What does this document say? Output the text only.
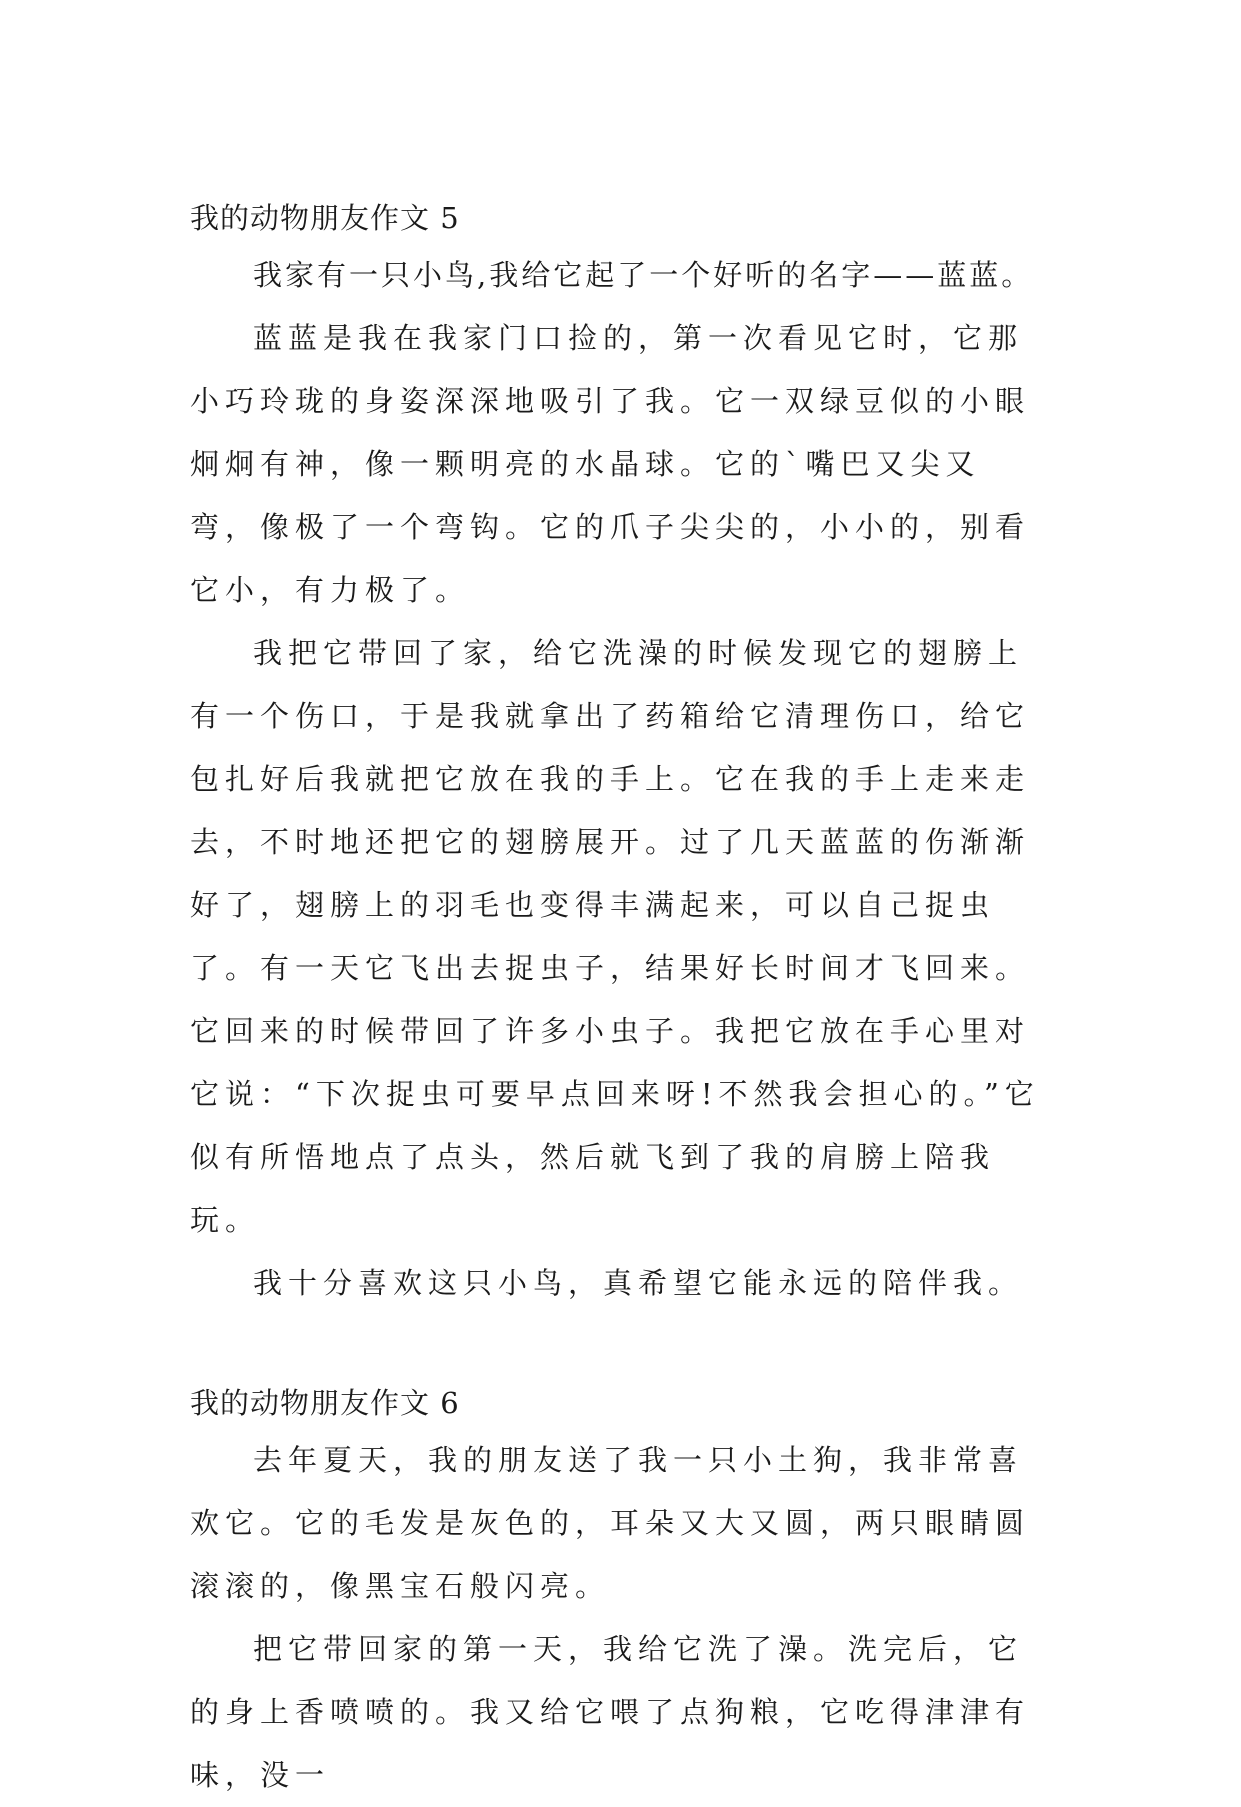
我的动物朋友作文 5

我家有一只小鸟,我给它起了一个好听的名字——蓝蓝。

蓝蓝是我在我家门口捡的，第一次看见它时，它那小巧玲珑的身姿深深地吸引了我。它一双绿豆似的小眼炯炯有神，像一颗明亮的水晶球。它的`嘴巴又尖又弯，像极了一个弯钩。它的爪子尖尖的，小小的，别看它小，有力极了。

我把它带回了家，给它洗澡的时候发现它的翅膀上有一个伤口，于是我就拿出了药箱给它清理伤口，给它包扎好后我就把它放在我的手上。它在我的手上走来走去，不时地还把它的翅膀展开。过了几天蓝蓝的伤渐渐好了，翅膀上的羽毛也变得丰满起来，可以自己捉虫了。有一天它飞出去捉虫子，结果好长时间才飞回来。它回来的时候带回了许多小虫子。我把它放在手心里对它说：“下次捉虫可要早点回来呀!不然我会担心的。”它似有所悟地点了点头，然后就飞到了我的肩膀上陪我玩。

我十分喜欢这只小鸟，真希望它能永远的陪伴我。

我的动物朋友作文 6

去年夏天，我的朋友送了我一只小土狗，我非常喜欢它。它的毛发是灰色的，耳朵又大又圆，两只眼睛圆滚滚的，像黑宝石般闪亮。

把它带回家的第一天，我给它洗了澡。洗完后，它的身上香喷喷的。我又给它喂了点狗粮，它吃得津津有味，没一
